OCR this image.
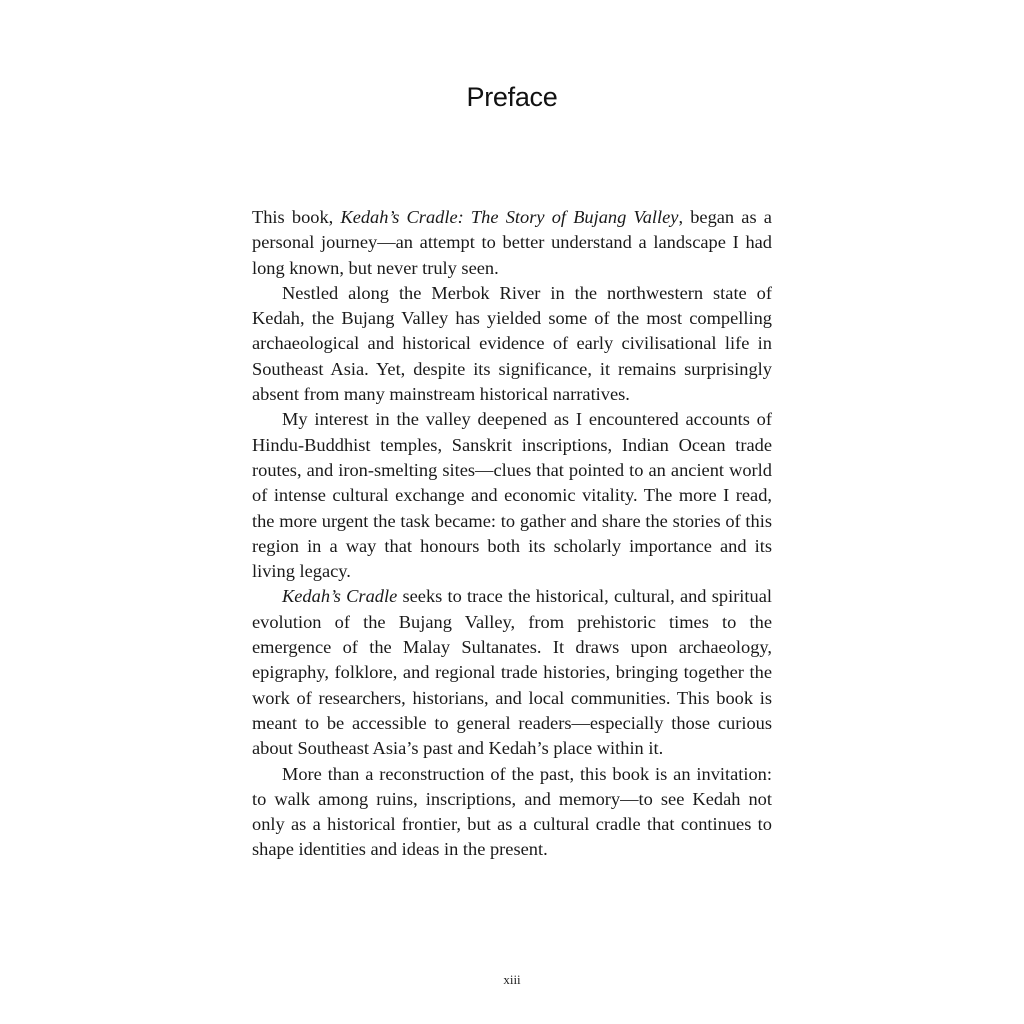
Preface

This book, Kedah’s Cradle: The Story of Bujang Valley, began as a personal journey—an attempt to better understand a landscape I had long known, but never truly seen.

Nestled along the Merbok River in the northwestern state of Kedah, the Bujang Valley has yielded some of the most compelling archaeological and historical evidence of early civilisational life in Southeast Asia. Yet, despite its significance, it remains surprisingly absent from many mainstream historical narratives.

My interest in the valley deepened as I encountered accounts of Hindu-Buddhist temples, Sanskrit inscriptions, Indian Ocean trade routes, and iron-smelting sites—clues that pointed to an ancient world of intense cultural exchange and economic vitality. The more I read, the more urgent the task became: to gather and share the stories of this region in a way that honours both its scholarly importance and its living legacy.

Kedah’s Cradle seeks to trace the historical, cultural, and spiritual evolution of the Bujang Valley, from prehistoric times to the emergence of the Malay Sultanates. It draws upon archaeology, epigraphy, folklore, and regional trade histories, bringing together the work of researchers, historians, and local communities. This book is meant to be accessible to general readers—especially those curious about Southeast Asia’s past and Kedah’s place within it.

More than a reconstruction of the past, this book is an invitation: to walk among ruins, inscriptions, and memory—to see Kedah not only as a historical frontier, but as a cultural cradle that continues to shape identities and ideas in the present.

xiii
